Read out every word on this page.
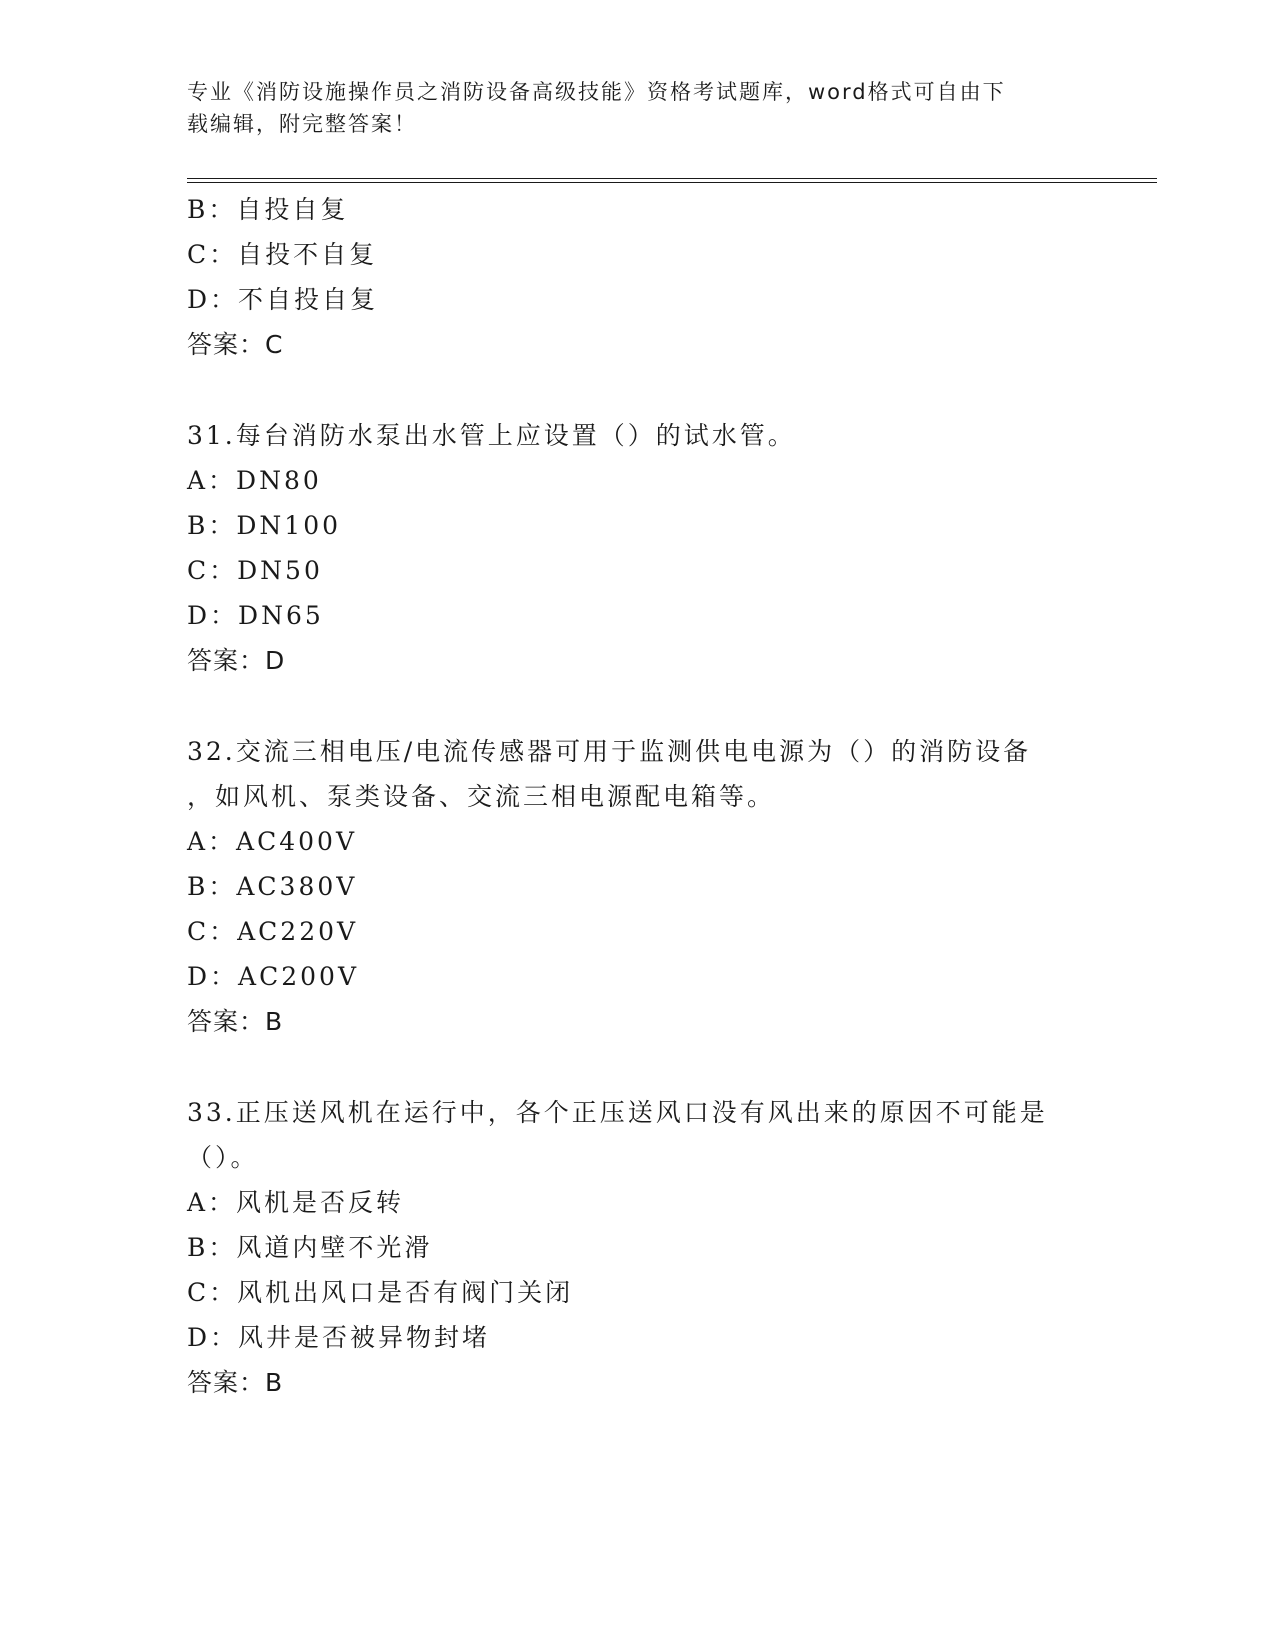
专业《消防设施操作员之消防设备高级技能》资格考试题库，word格式可自由下
载编辑，附完整答案！
B：自投自复
C：自投不自复
D：不自投自复
答案：C
31.每台消防水泵出水管上应设置（）的试水管。
A：DN80
B：DN100
C：DN50
D：DN65
答案：D
32.交流三相电压/电流传感器可用于监测供电电源为（）的消防设备
，如风机、泵类设备、交流三相电源配电箱等。
A：AC400V
B：AC380V
C：AC220V
D：AC200V
答案：B
33.正压送风机在运行中，各个正压送风口没有风出来的原因不可能是
（）。
A：风机是否反转
B：风道内壁不光滑
C：风机出风口是否有阀门关闭
D：风井是否被异物封堵
答案：B
